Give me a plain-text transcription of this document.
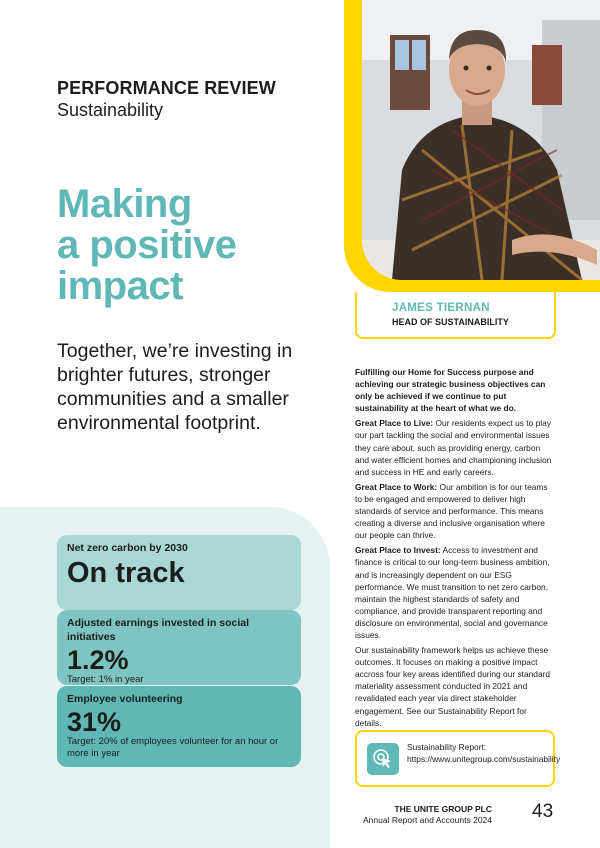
PERFORMANCE REVIEW
Sustainability
Making
a positive
impact
Together, we’re investing in brighter futures, stronger communities and a smaller environmental footprint.
Net zero carbon by 2030
On track
Adjusted earnings invested in social initiatives
1.2%
Target: 1% in year
Employee volunteering
31%
Target: 20% of employees volunteer for an hour or more in year
JAMES TIERNAN
HEAD OF SUSTAINABILITY

Fulfilling our Home for Success purpose and achieving our strategic business objectives can only be achieved if we continue to put sustainability at the heart of what we do.

Great Place to Live: Our residents expect us to play our part tackling the social and environmental issues they care about, such as providing energy, carbon and water efficient homes and championing inclusion and success in HE and early careers.

Great Place to Work: Our ambition is for our teams to be engaged and empowered to deliver high standards of service and performance. This means creating a diverse and inclusive organisation where our people can thrive.

Great Place to Invest: Access to investment and finance is critical to our long-term business ambition, and is increasingly dependent on our ESG performance. We must transition to net zero carbon, maintain the highest standards of safety and compliance, and provide transparent reporting and disclosure on environmental, social and governance issues.

Our sustainability framework helps us achieve these outcomes. It focuses on making a positive impact accross four key areas identified during our standard materiality assessment conducted in 2021 and revalidated each year via direct stakeholder engagement. See our Sustainability Report for details.

Sustainability Report: https://www.unitegroup.com/sustainability
THE UNITE GROUP PLC
Annual Report and Accounts 2024 43
